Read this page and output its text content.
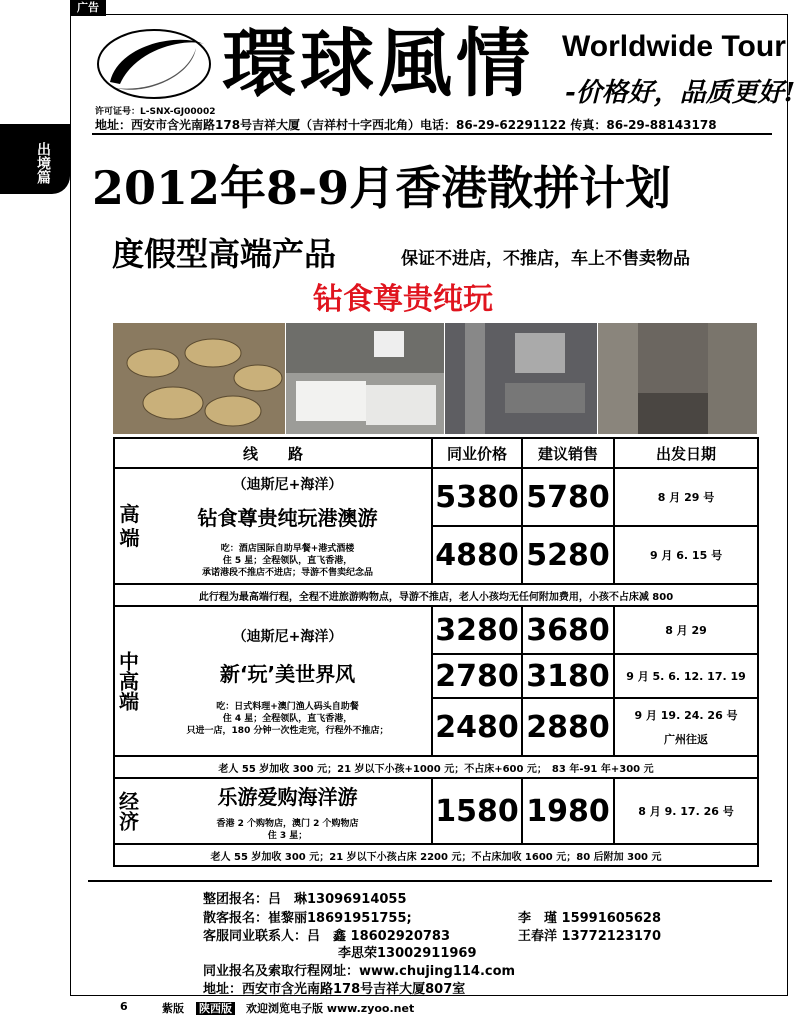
广告
出境篇
環球風情 Worldwide Tour
-价格好，品质更好!
许可证号：L-SNX-GJ00002
地址：西安市含光南路178号吉祥大厦（吉祥村十字西北角）电话：86-29-62291122 传真：86-29-88143178
2012年8-9月香港散拼计划
度假型高端产品	保证不进店，不推店，车上不售卖物品
钻食尊贵纯玩
线　　路		同业价格	建议销售	出发日期
高端	（迪斯尼+海洋）
钻食尊贵纯玩港澳游
吃：酒店国际自助早餐+港式酒楼
住 5 星；全程领队，直飞香港，
承诺港段不推店不进店；导游不售卖纪念品	5380	5780	8 月 29 号
		4880	5280	9 月 6. 15 号
此行程为最高端行程，全程不进旅游购物点，导游不推店，老人小孩均无任何附加费用，小孩不占床减 800				

中高端	（迪斯尼+海洋）
新‘玩’美世界风
吃：日式料理+澳门渔人码头自助餐
住 4 星；全程领队，直飞香港，
只进一店，180 分钟一次性走完，行程外不推店；	3280	3680	8 月 29
		2780	3180	9 月 5. 6. 12. 17. 19
		2480	2880	9 月 19. 24. 26 号
广州往返

老人 55 岁加收 300 元；21 岁以下小孩+1000 元；不占床+600 元；　83 年-91 年+300 元				

经济	乐游爱购海洋游
香港 2 个购物店，澳门 2 个购物店
住 3 星；	1580	1980	8 月 9. 17. 26 号
老人 55 岁加收 300 元；21 岁以下小孩占床 2200 元；不占床加收 1600 元；80 后附加 300 元				
整团报名：吕　琳13096914055
散客报名：崔黎丽18691951755;	李　瑾 15991605628
客服同业联系人：吕　鑫 18602920783	王春洋 13772123170
李思荣13002911969
同业报名及索取行程网址：www.chujing114.com
地址：西安市含光南路178号吉祥大厦807室
6	紫版 陕西版 欢迎浏览电子版 www.zyoo.net
